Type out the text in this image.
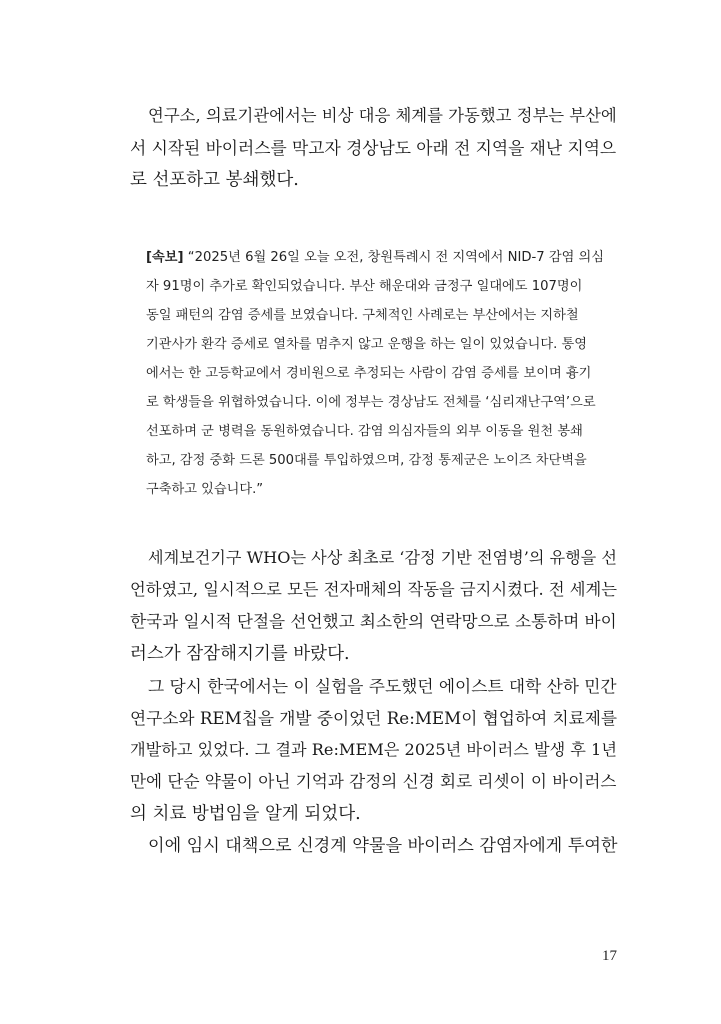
연구소, 의료기관에서는 비상 대응 체계를 가동했고 정부는 부산에
서 시작된 바이러스를 막고자 경상남도 아래 전 지역을 재난 지역으
로 선포하고 봉쇄했다.
[속보] “2025년 6월 26일 오늘 오전, 창원특례시 전 지역에서 NID-7 감염 의심
자 91명이 추가로 확인되었습니다. 부산 해운대와 금정구 일대에도 107명이
동일 패턴의 감염 증세를 보였습니다. 구체적인 사례로는 부산에서는 지하철
기관사가 환각 증세로 열차를 멈추지 않고 운행을 하는 일이 있었습니다. 통영
에서는 한 고등학교에서 경비원으로 추정되는 사람이 감염 증세를 보이며 흉기
로 학생들을 위협하였습니다. 이에 정부는 경상남도 전체를 ‘심리재난구역’으로
선포하며 군 병력을 동원하였습니다. 감염 의심자들의 외부 이동을 원천 봉쇄
하고, 감정 중화 드론 500대를 투입하였으며, 감정 통제군은 노이즈 차단벽을
구축하고 있습니다.”
세계보건기구 WHO는 사상 최초로 ‘감정 기반 전염병’의 유행을 선
언하였고, 일시적으로 모든 전자매체의 작동을 금지시켰다. 전 세계는
한국과 일시적 단절을 선언했고 최소한의 연락망으로 소통하며 바이
러스가 잠잠해지기를 바랐다.
그 당시 한국에서는 이 실험을 주도했던 에이스트 대학 산하 민간
연구소와 REM칩을 개발 중이었던 Re:MEM이 협업하여 치료제를
개발하고 있었다. 그 결과 Re:MEM은 2025년 바이러스 발생 후 1년
만에 단순 약물이 아닌 기억과 감정의 신경 회로 리셋이 이 바이러스
의 치료 방법임을 알게 되었다.
이에 임시 대책으로 신경계 약물을 바이러스 감염자에게 투여한
17
